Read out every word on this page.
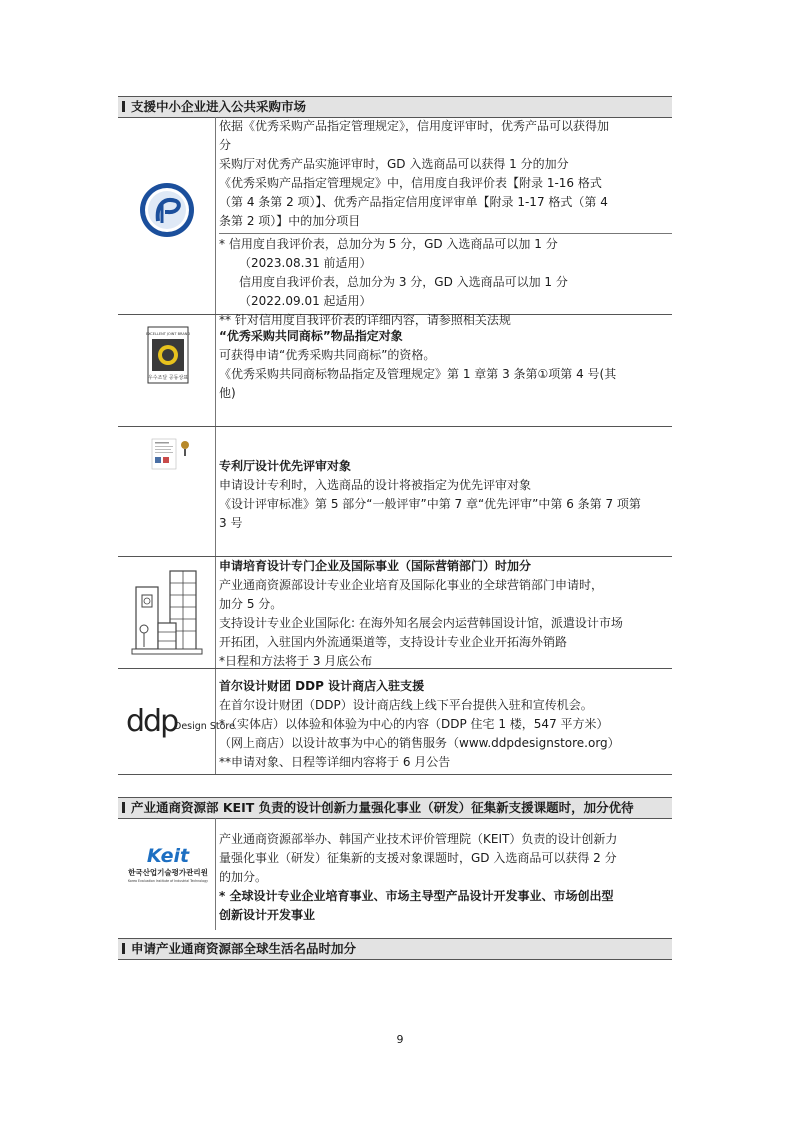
支援中小企业进入公共采购市场
依据《优秀采购产品指定管理规定》，信用度评审时，优秀产品可以获得加
分
采购厅对优秀产品实施评审时，GD 入选商品可以获得 1 分的加分
《优秀采购产品指定管理规定》中，信用度自我评价表【附录 1-16 格式
（第 4 条第 2 项）】、优秀产品指定信用度评审单【附录 1-17 格式（第 4
条第 2 项）】中的加分项目
* 信用度自我评价表，总加分为 5 分，GD 入选商品可以加 1 分
（2023.08.31 前适用）
信用度自我评价表，总加分为 3 分，GD 入选商品可以加 1 分
（2022.09.01 起适用）
** 针对信用度自我评价表的详细内容，请参照相关法规
EXCELLENT JOINT BRAND
우수조달 공동상표
“优秀采购共同商标”物品指定对象
可获得申请“优秀采购共同商标”的资格。
《优秀采购共同商标物品指定及管理规定》第 1 章第 3 条第①项第 4 号(其
他)
专利厅设计优先评审对象
申请设计专利时，入选商品的设计将被指定为优先评审对象
《设计评审标准》第 5 部分“一般评审”中第 7 章“优先评审”中第 6 条第 7 项第
3 号
申请培育设计专门企业及国际事业（国际营销部门）时加分
产业通商资源部设计专业企业培育及国际化事业的全球营销部门申请时，
加分 5 分。
支持设计专业企业国际化: 在海外知名展会内运营韩国设计馆，派遣设计市场
开拓团，入驻国内外流通渠道等，支持设计专业企业开拓海外销路
*日程和方法将于 3 月底公布
ddp
Design Store
首尔设计财团 DDP 设计商店入驻支援
在首尔设计财团（DDP）设计商店线上线下平台提供入驻和宣传机会。
*（实体店）以体验和体验为中心的内容（DDP 住宅 1 楼，547 平方米）
（网上商店）以设计故事为中心的销售服务（www.ddpdesignstore.org）
**申请对象、日程等详细内容将于 6 月公告
产业通商资源部 KEIT 负责的设计创新力量强化事业（研发）征集新支援课题时，加分优待
Keit
한국산업기술평가관리원
Korea Evaluation Institute of Industrial Technology
产业通商资源部举办、韩国产业技术评价管理院（KEIT）负责的设计创新力
量强化事业（研发）征集新的支援对象课题时，GD 入选商品可以获得 2 分
的加分。
* 全球设计专业企业培育事业、市场主导型产品设计开发事业、市场创出型
创新设计开发事业
申请产业通商资源部全球生活名品时加分
9
